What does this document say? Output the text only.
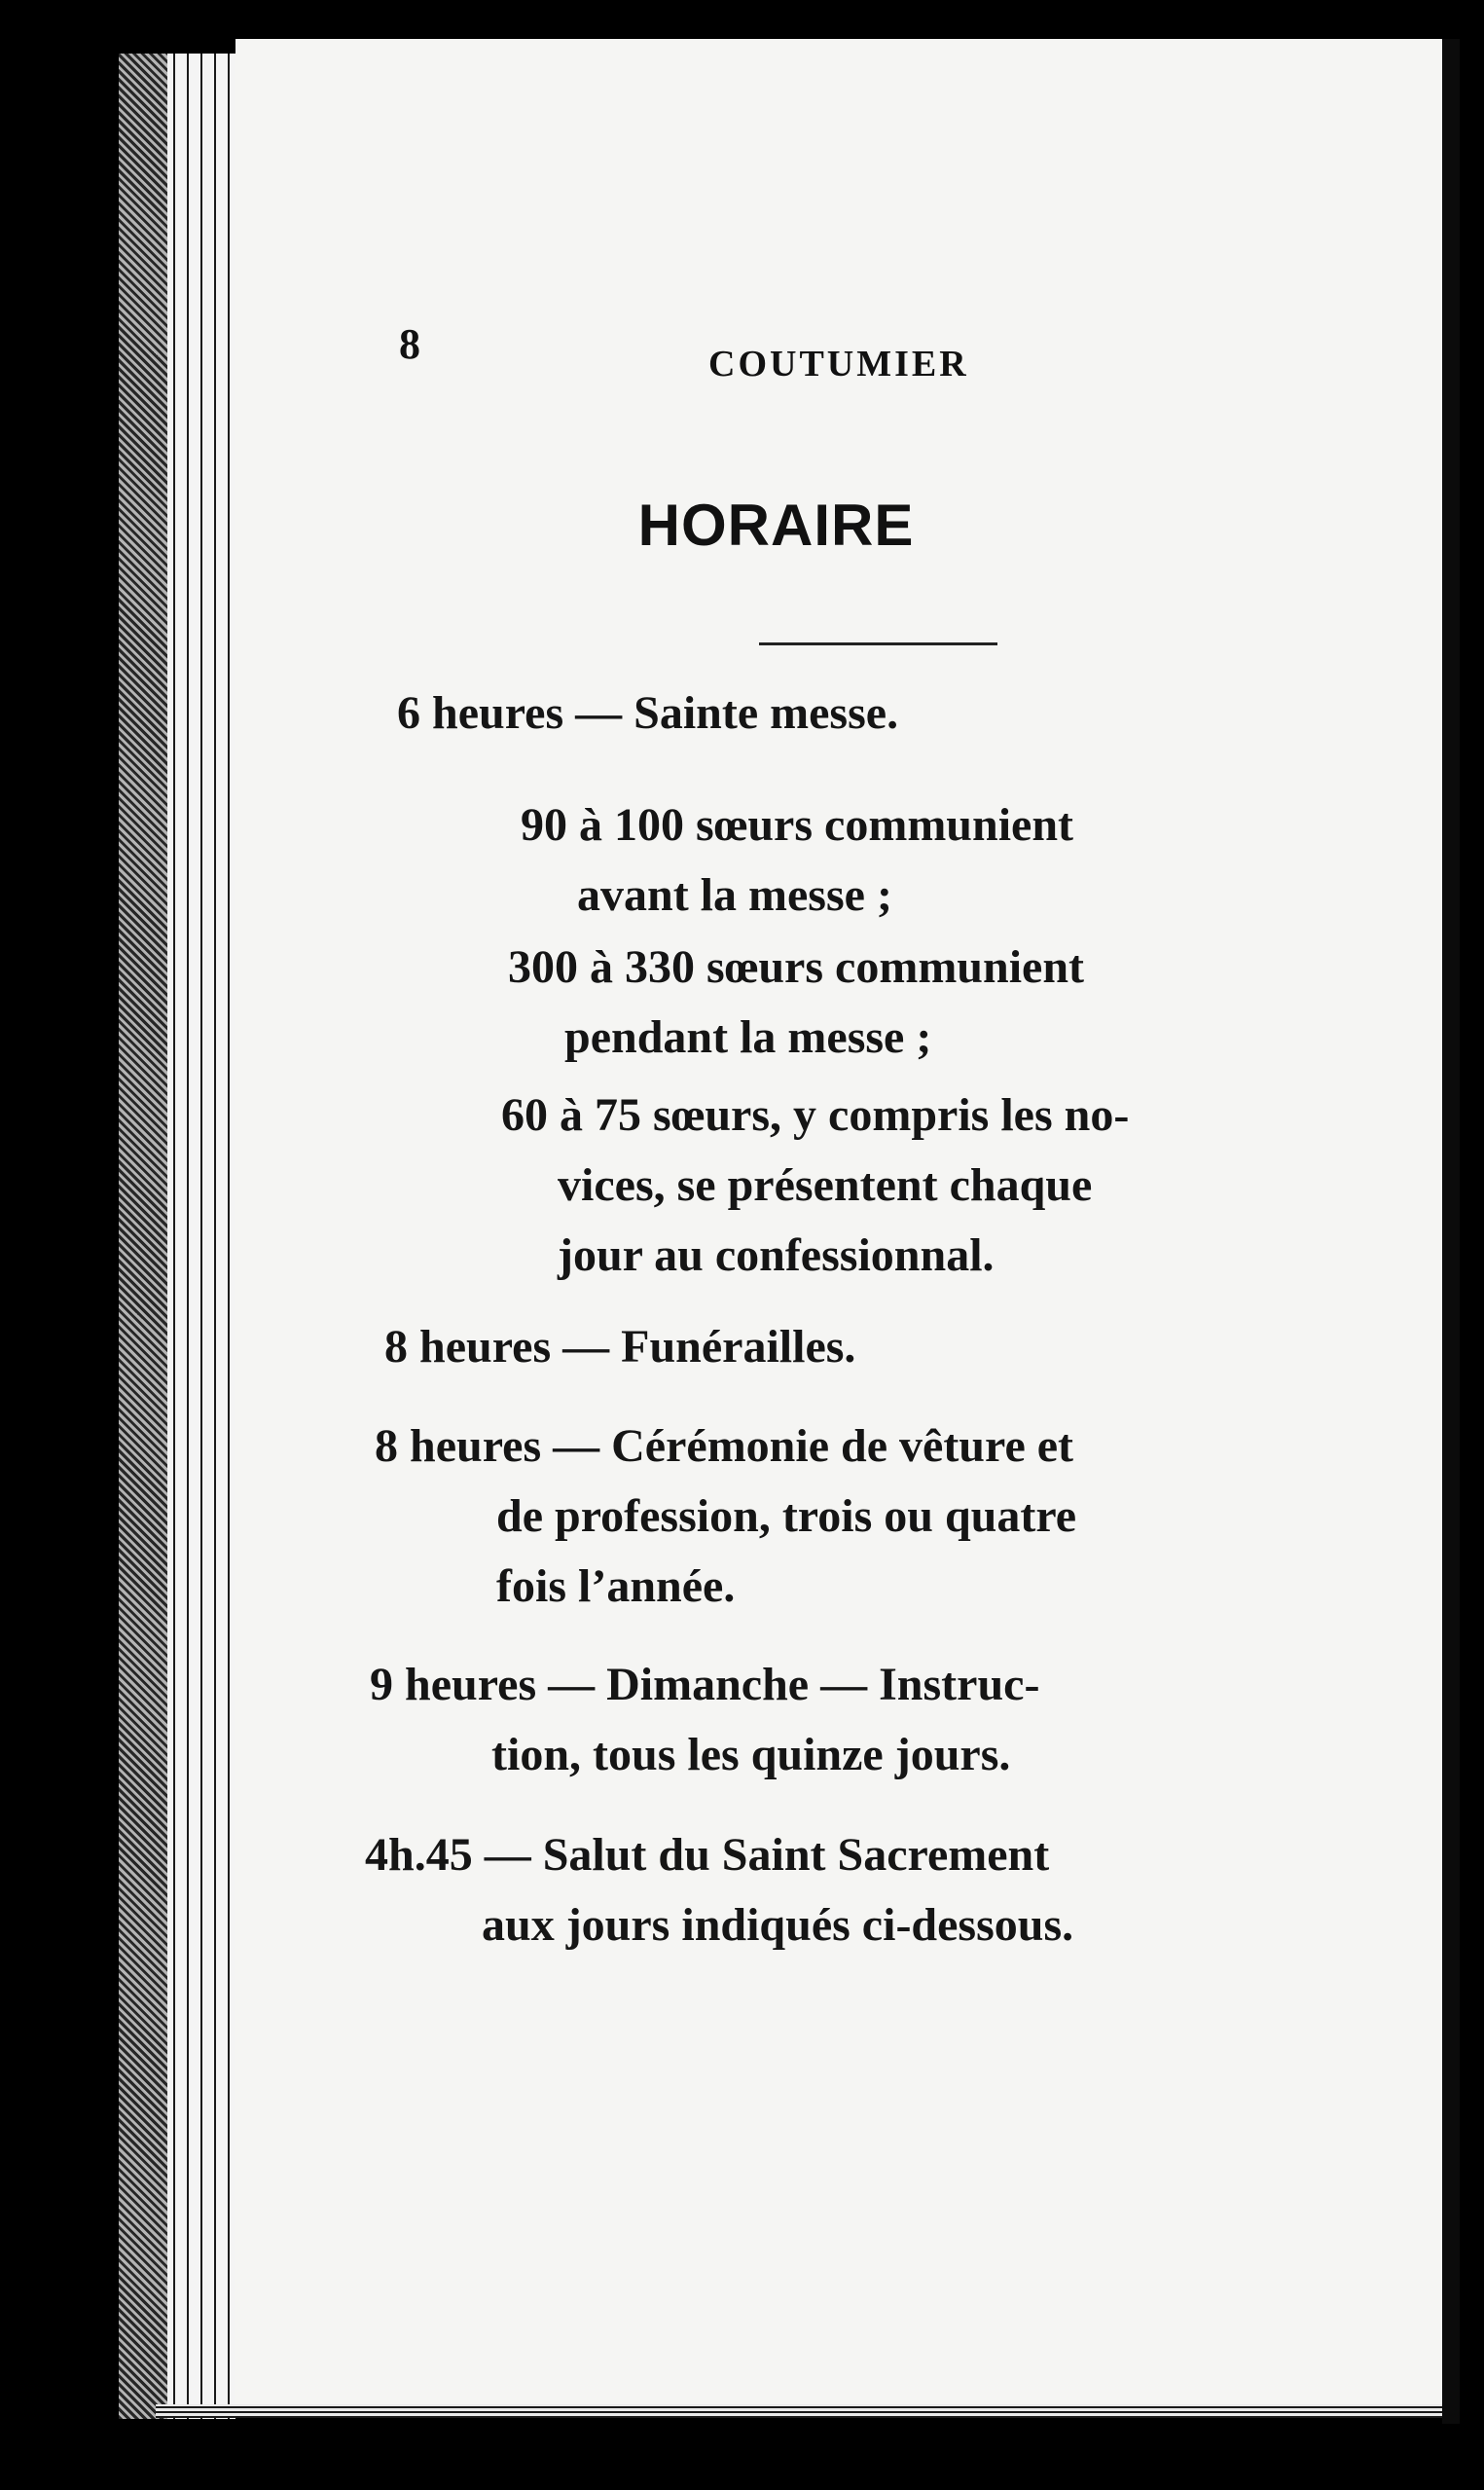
8	COUTUMIER
HORAIRE
6 heures — Sainte messe.
90 à 100 sœurs communient
avant la messe ;
300 à 330 sœurs communient
pendant la messe ;
60 à 75 sœurs, y compris les no-
vices, se présentent chaque
jour au confessionnal.
8 heures — Funérailles.
8 heures — Cérémonie de vêture et
de profession, trois ou quatre
fois l’année.
9 heures — Dimanche — Instruc-
tion, tous les quinze jours.
4h.45 — Salut du Saint Sacrement
aux jours indiqués ci-dessous.
